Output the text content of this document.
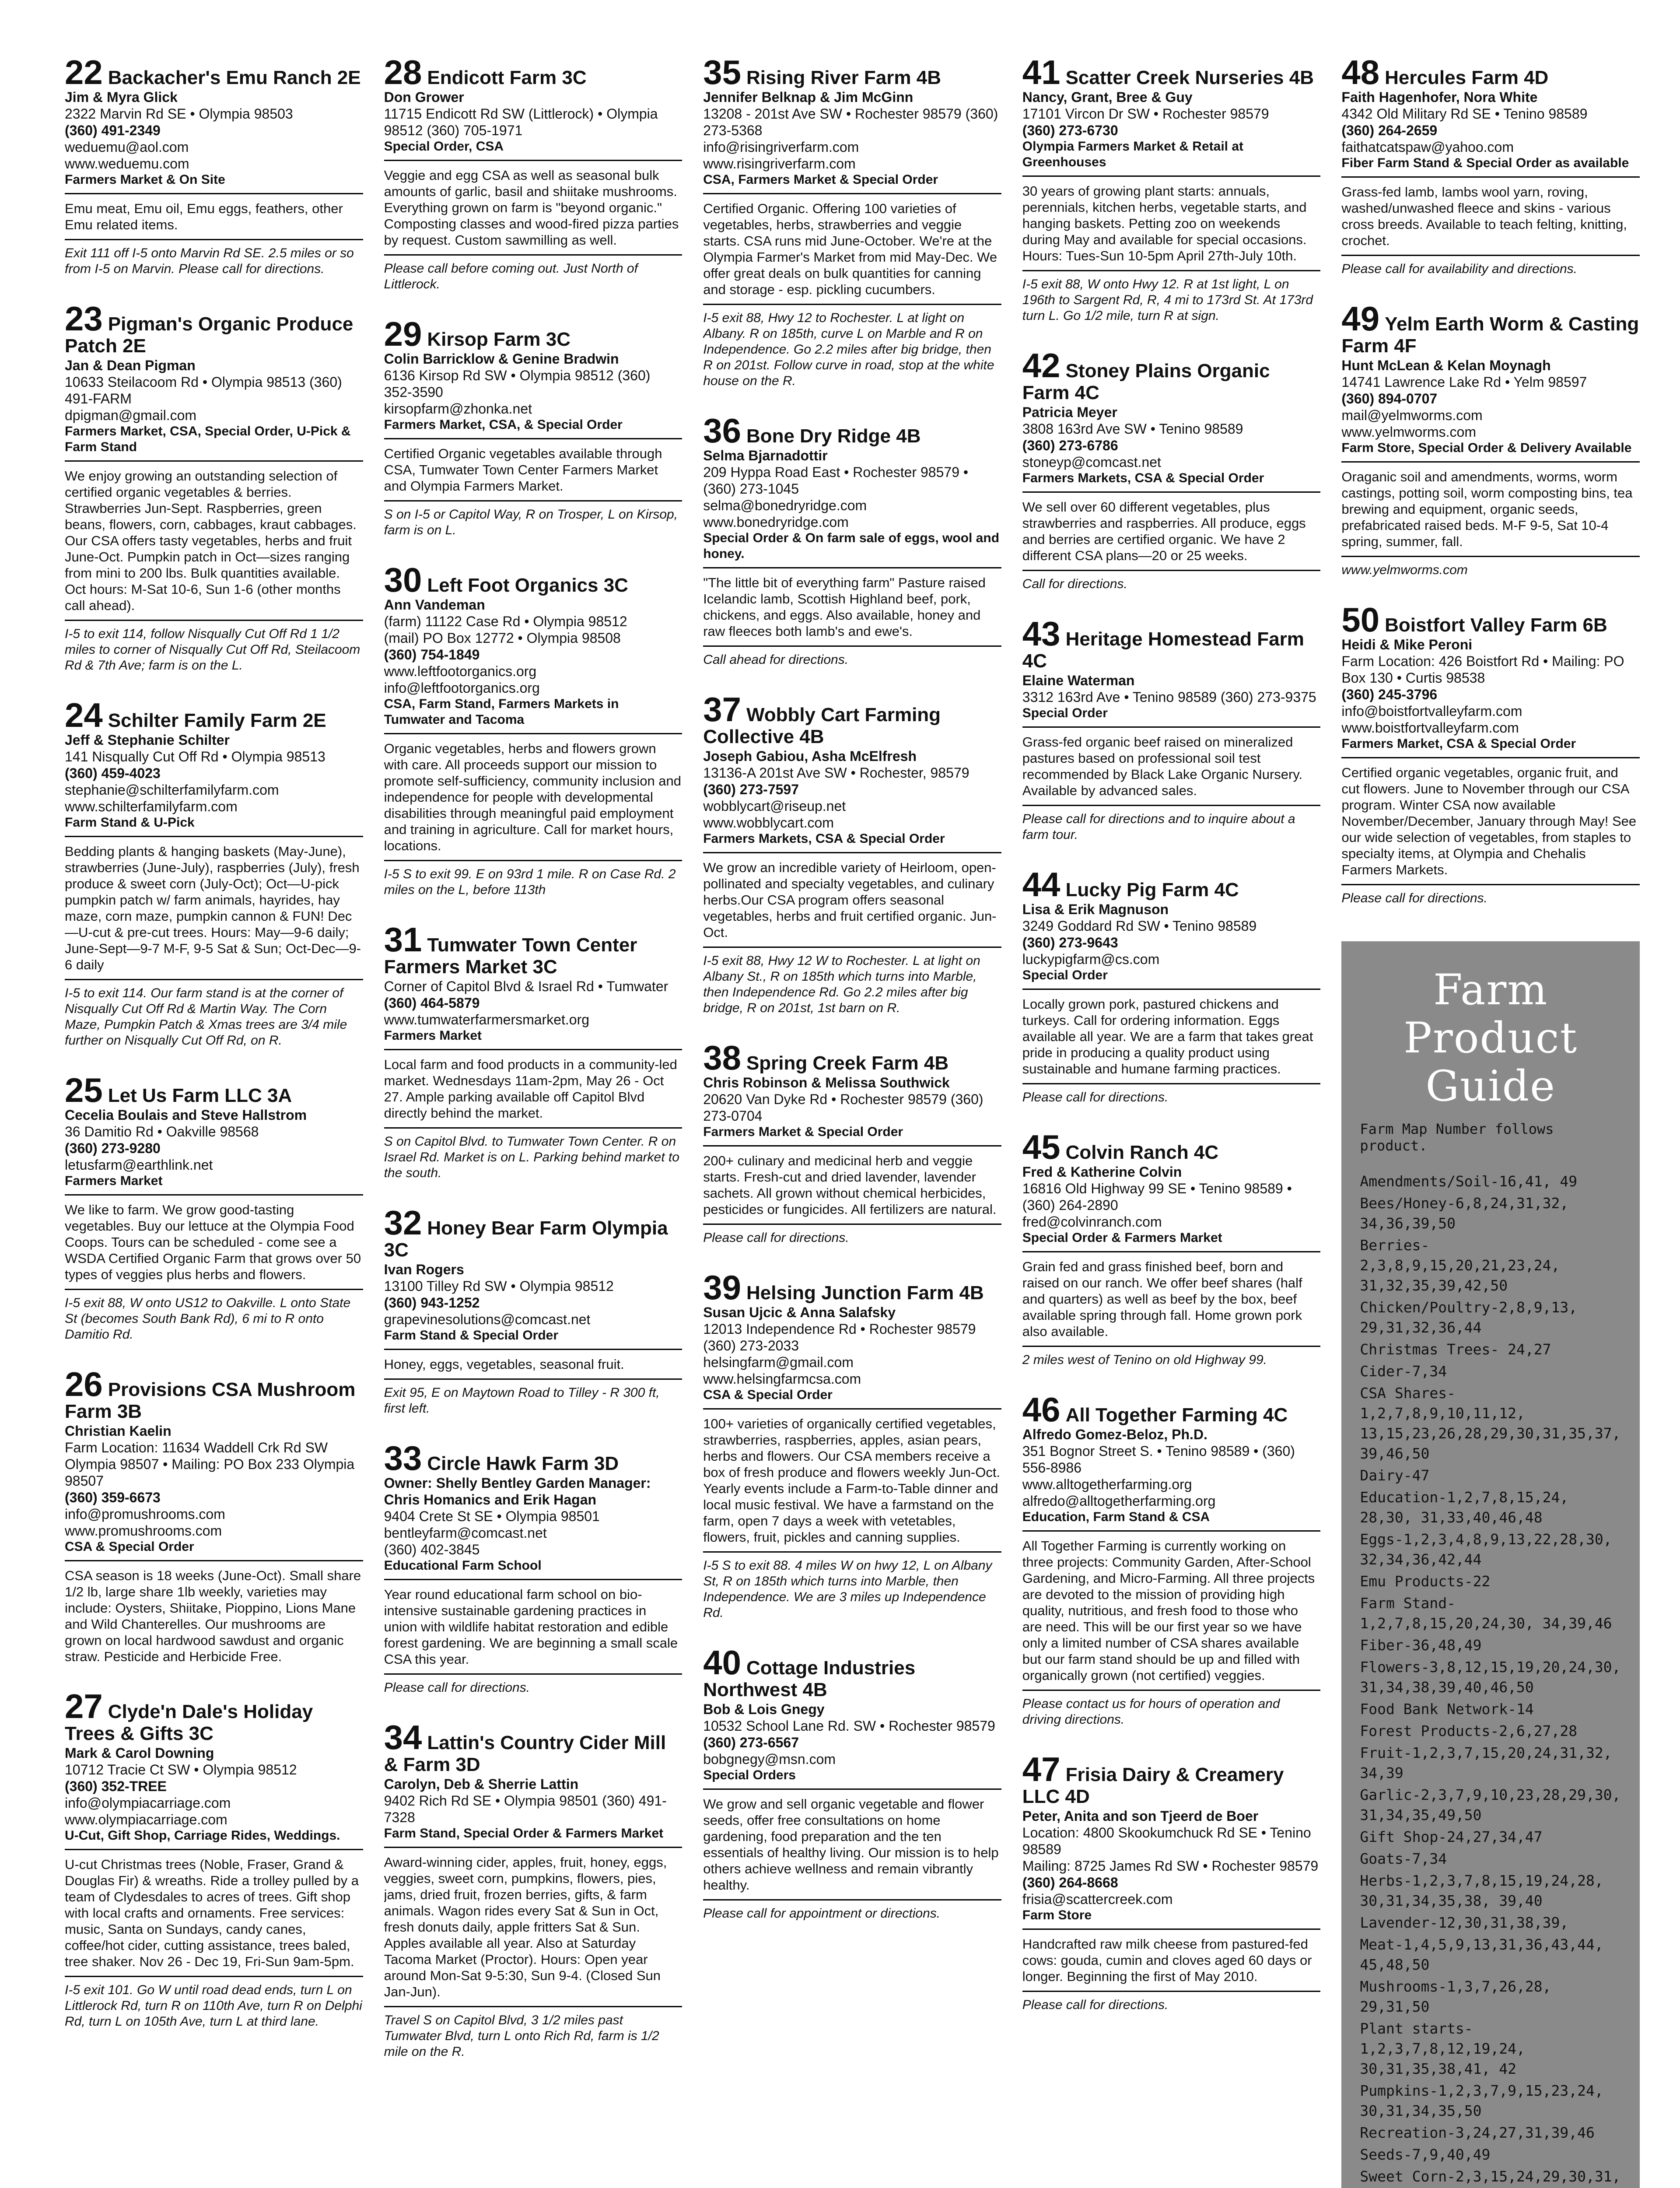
22 Backacher's Emu Ranch 2E
Jim & Myra Glick
2322 Marvin Rd SE • Olympia 98503
(360) 491-2349
weduemu@aol.com
www.weduemu.com
Farmers Market & On Site
Emu meat, Emu oil, Emu eggs, feathers, other Emu related items.
Exit 111 off I-5 onto Marvin Rd SE. 2.5 miles or so from I-5 on Marvin. Please call for directions.
23 Pigman's Organic Produce Patch 2E
Jan & Dean Pigman
10633 Steilacoom Rd • Olympia 98513 (360) 491-FARM
dpigman@gmail.com
Farmers Market, CSA, Special Order, U-Pick & Farm Stand
We enjoy growing an outstanding selection of certified organic vegetables & berries. Strawberries Jun-Sept. Raspberries, green beans, flowers, corn, cabbages, kraut cabbages. Our CSA offers tasty vegetables, herbs and fruit June-Oct. Pumpkin patch in Oct—sizes ranging from mini to 200 lbs. Bulk quantities available. Oct hours: M-Sat 10-6, Sun 1-6 (other months call ahead).
I-5 to exit 114, follow Nisqually Cut Off Rd 1 1/2 miles to corner of Nisqually Cut Off Rd, Steilacoom Rd & 7th Ave; farm is on the L.
24 Schilter Family Farm 2E
Jeff & Stephanie Schilter
141 Nisqually Cut Off Rd • Olympia 98513
(360) 459-4023
stephanie@schilterfamilyfarm.com
www.schilterfamilyfarm.com
Farm Stand & U-Pick
Bedding plants & hanging baskets (May-June), strawberries (June-July), raspberries (July), fresh produce & sweet corn (July-Oct); Oct—U-pick pumpkin patch w/ farm animals, hayrides, hay maze, corn maze, pumpkin cannon & FUN! Dec—U-cut & pre-cut trees. Hours: May—9-6 daily; June-Sept—9-7 M-F, 9-5 Sat & Sun; Oct-Dec—9-6 daily
I-5 to exit 114. Our farm stand is at the corner of Nisqually Cut Off Rd & Martin Way. The Corn Maze, Pumpkin Patch & Xmas trees are 3/4 mile further on Nisqually Cut Off Rd, on R.
25 Let Us Farm LLC 3A
Cecelia Boulais and Steve Hallstrom
36 Damitio Rd • Oakville 98568
(360) 273-9280
letusfarm@earthlink.net
Farmers Market
We like to farm. We grow good-tasting vegetables. Buy our lettuce at the Olympia Food Coops. Tours can be scheduled - come see a WSDA Certified Organic Farm that grows over 50 types of veggies plus herbs and flowers.
I-5 exit 88, W onto US12 to Oakville. L onto State St (becomes South Bank Rd), 6 mi to R onto Damitio Rd.
26 Provisions CSA Mushroom Farm 3B
Christian Kaelin
Farm Location: 11634 Waddell Crk Rd SW Olympia 98507 • Mailing: PO Box 233 Olympia 98507
(360) 359-6673
info@promushrooms.com
www.promushrooms.com
CSA & Special Order
CSA season is 18 weeks (June-Oct). Small share 1/2 lb, large share 1lb weekly, varieties may include: Oysters, Shiitake, Pioppino, Lions Mane and Wild Chanterelles. Our mushrooms are grown on local hardwood sawdust and organic straw. Pesticide and Herbicide Free.
27 Clyde'n Dale's Holiday Trees & Gifts 3C
Mark & Carol Downing
10712 Tracie Ct SW • Olympia 98512
(360) 352-TREE
info@olympiacarriage.com
www.olympiacarriage.com
U-Cut, Gift Shop, Carriage Rides, Weddings.
U-cut Christmas trees (Noble, Fraser, Grand & Douglas Fir) & wreaths. Ride a trolley pulled by a team of Clydesdales to acres of trees. Gift shop with local crafts and ornaments. Free services: music, Santa on Sundays, candy canes, coffee/hot cider, cutting assistance, trees baled, tree shaker. Nov 26 - Dec 19, Fri-Sun 9am-5pm.
I-5 exit 101. Go W until road dead ends, turn L on Littlerock Rd, turn R on 110th Ave, turn R on Delphi Rd, turn L on 105th Ave, turn L at third lane.
28 Endicott Farm 3C
Don Grower
11715 Endicott Rd SW (Littlerock) • Olympia 98512 (360) 705-1971
Special Order, CSA
Veggie and egg CSA as well as seasonal bulk amounts of garlic, basil and shiitake mushrooms. Everything grown on farm is "beyond organic." Composting classes and wood-fired pizza parties by request. Custom sawmilling as well.
Please call before coming out. Just North of Littlerock.
29 Kirsop Farm 3C
Colin Barricklow & Genine Bradwin
6136 Kirsop Rd SW • Olympia 98512 (360) 352-3590
kirsopfarm@zhonka.net
Farmers Market, CSA, & Special Order
Certified Organic vegetables available through CSA, Tumwater Town Center Farmers Market and Olympia Farmers Market.
S on I-5 or Capitol Way, R on Trosper, L on Kirsop, farm is on L.
30 Left Foot Organics 3C
Ann Vandeman
(farm) 11122 Case Rd • Olympia 98512
(mail) PO Box 12772 • Olympia 98508
(360) 754-1849
www.leftfootorganics.org
info@leftfootorganics.org
CSA, Farm Stand, Farmers Markets in Tumwater and Tacoma
Organic vegetables, herbs and flowers grown with care. All proceeds support our mission to promote self-sufficiency, community inclusion and independence for people with developmental disabilities through meaningful paid employment and training in agriculture. Call for market hours, locations.
I-5 S to exit 99. E on 93rd 1 mile. R on Case Rd. 2 miles on the L, before 113th
31 Tumwater Town Center Farmers Market 3C
Corner of Capitol Blvd & Israel Rd • Tumwater
(360) 464-5879
www.tumwaterfarmersmarket.org
Farmers Market
Local farm and food products in a community-led market. Wednesdays 11am-2pm, May 26 - Oct 27. Ample parking available off Capitol Blvd directly behind the market.
S on Capitol Blvd. to Tumwater Town Center. R on Israel Rd. Market is on L. Parking behind market to the south.
32 Honey Bear Farm Olympia 3C
Ivan Rogers
13100 Tilley Rd SW • Olympia 98512
(360) 943-1252
grapevinesolutions@comcast.net
Farm Stand & Special Order
Honey, eggs, vegetables, seasonal fruit.
Exit 95, E on Maytown Road to Tilley - R 300 ft, first left.
33 Circle Hawk Farm 3D
Owner: Shelly Bentley Garden Manager: Chris Homanics and Erik Hagan
9404 Crete St SE • Olympia 98501
bentleyfarm@comcast.net
(360) 402-3845
Educational Farm School
Year round educational farm school on bio-intensive sustainable gardening practices in union with wildlife habitat restoration and edible forest gardening. We are beginning a small scale CSA this year.
Please call for directions.
34 Lattin's Country Cider Mill & Farm 3D
Carolyn, Deb & Sherrie Lattin
9402 Rich Rd SE • Olympia 98501 (360) 491-7328
Farm Stand, Special Order & Farmers Market
Award-winning cider, apples, fruit, honey, eggs, veggies, sweet corn, pumpkins, flowers, pies, jams, dried fruit, frozen berries, gifts, & farm animals. Wagon rides every Sat & Sun in Oct, fresh donuts daily, apple fritters Sat & Sun. Apples available all year. Also at Saturday Tacoma Market (Proctor). Hours: Open year around Mon-Sat 9-5:30, Sun 9-4. (Closed Sun Jan-Jun).
Travel S on Capitol Blvd, 3 1/2 miles past Tumwater Blvd, turn L onto Rich Rd, farm is 1/2 mile on the R.
35 Rising River Farm 4B
Jennifer Belknap & Jim McGinn
13208 - 201st Ave SW • Rochester 98579 (360) 273-5368
info@risingriverfarm.com
www.risingriverfarm.com
CSA, Farmers Market & Special Order
Certified Organic. Offering 100 varieties of vegetables, herbs, strawberries and veggie starts. CSA runs mid June-October. We're at the Olympia Farmer's Market from mid May-Dec. We offer great deals on bulk quantities for canning and storage - esp. pickling cucumbers.
I-5 exit 88, Hwy 12 to Rochester. L at light on Albany. R on 185th, curve L on Marble and R on Independence. Go 2.2 miles after big bridge, then R on 201st. Follow curve in road, stop at the white house on the R.
36 Bone Dry Ridge 4B
Selma Bjarnadottir
209 Hyppa Road East • Rochester 98579 • (360) 273-1045
selma@bonedryridge.com
www.bonedryridge.com
Special Order & On farm sale of eggs, wool and honey.
"The little bit of everything farm" Pasture raised Icelandic lamb, Scottish Highland beef, pork, chickens, and eggs. Also available, honey and raw fleeces both lamb's and ewe's.
Call ahead for directions.
37 Wobbly Cart Farming Collective 4B
Joseph Gabiou, Asha McElfresh
13136-A 201st Ave SW • Rochester, 98579
(360) 273-7597
wobblycart@riseup.net
www.wobblycart.com
Farmers Markets, CSA & Special Order
We grow an incredible variety of Heirloom, open-pollinated and specialty vegetables, and culinary herbs.Our CSA program offers seasonal vegetables, herbs and fruit certified organic. Jun-Oct.
I-5 exit 88, Hwy 12 W to Rochester. L at light on Albany St., R on 185th which turns into Marble, then Independence Rd. Go 2.2 miles after big bridge, R on 201st, 1st barn on R.
38 Spring Creek Farm 4B
Chris Robinson & Melissa Southwick
20620 Van Dyke Rd • Rochester 98579 (360) 273-0704
Farmers Market & Special Order
200+ culinary and medicinal herb and veggie starts. Fresh-cut and dried lavender, lavender sachets. All grown without chemical herbicides, pesticides or fungicides. All fertilizers are natural.
Please call for directions.
39 Helsing Junction Farm 4B
Susan Ujcic & Anna Salafsky
12013 Independence Rd • Rochester 98579 (360) 273-2033
helsingfarm@gmail.com
www.helsingfarmcsa.com
CSA & Special Order
100+ varieties of organically certified vegetables, strawberries, raspberries, apples, asian pears, herbs and flowers. Our CSA members receive a box of fresh produce and flowers weekly Jun-Oct. Yearly events include a Farm-to-Table dinner and local music festival. We have a farmstand on the farm, open 7 days a week with vetetables, flowers, fruit, pickles and canning supplies.
I-5 S to exit 88. 4 miles W on hwy 12, L on Albany St, R on 185th which turns into Marble, then Independence. We are 3 miles up Independence Rd.
40 Cottage Industries Northwest 4B
Bob & Lois Gnegy
10532 School Lane Rd. SW • Rochester 98579
(360) 273-6567
bobgnegy@msn.com
Special Orders
We grow and sell organic vegetable and flower seeds, offer free consultations on home gardening, food preparation and the ten essentials of healthy living. Our mission is to help others achieve wellness and remain vibrantly healthy.
Please call for appointment or directions.
41 Scatter Creek Nurseries 4B
Nancy, Grant, Bree & Guy
17101 Vircon Dr SW • Rochester 98579
(360) 273-6730
Olympia Farmers Market & Retail at Greenhouses
30 years of growing plant starts: annuals, perennials, kitchen herbs, vegetable starts, and hanging baskets. Petting zoo on weekends during May and available for special occasions. Hours: Tues-Sun 10-5pm April 27th-July 10th.
I-5 exit 88, W onto Hwy 12. R at 1st light, L on 196th to Sargent Rd, R, 4 mi to 173rd St. At 173rd turn L. Go 1/2 mile, turn R at sign.
42 Stoney Plains Organic Farm 4C
Patricia Meyer
3808 163rd Ave SW • Tenino 98589
(360) 273-6786
stoneyp@comcast.net
Farmers Markets, CSA & Special Order
We sell over 60 different vegetables, plus strawberries and raspberries. All produce, eggs and berries are certified organic. We have 2 different CSA plans—20 or 25 weeks.
Call for directions.
43 Heritage Homestead Farm 4C
Elaine Waterman
3312 163rd Ave • Tenino 98589 (360) 273-9375
Special Order
Grass-fed organic beef raised on mineralized pastures based on professional soil test recommended by Black Lake Organic Nursery. Available by advanced sales.
Please call for directions and to inquire about a farm tour.
44 Lucky Pig Farm 4C
Lisa & Erik Magnuson
3249 Goddard Rd SW • Tenino 98589
(360) 273-9643
luckypigfarm@cs.com
Special Order
Locally grown pork, pastured chickens and turkeys. Call for ordering information. Eggs available all year. We are a farm that takes great pride in producing a quality product using sustainable and humane farming practices.
Please call for directions.
45 Colvin Ranch 4C
Fred & Katherine Colvin
16816 Old Highway 99 SE • Tenino 98589 • (360) 264-2890
fred@colvinranch.com
Special Order & Farmers Market
Grain fed and grass finished beef, born and raised on our ranch. We offer beef shares (half and quarters) as well as beef by the box, beef available spring through fall. Home grown pork also available.
2 miles west of Tenino on old Highway 99.
46 All Together Farming 4C
Alfredo Gomez-Beloz, Ph.D.
351 Bognor Street S. • Tenino 98589 • (360) 556-8986
www.alltogetherfarming.org
alfredo@alltogetherfarming.org
Education, Farm Stand & CSA
All Together Farming is currently working on three projects: Community Garden, After-School Gardening, and Micro-Farming. All three projects are devoted to the mission of providing high quality, nutritious, and fresh food to those who are need. This will be our first year so we have only a limited number of CSA shares available but our farm stand should be up and filled with organically grown (not certified) veggies.
Please contact us for hours of operation and driving directions.
47 Frisia Dairy & Creamery LLC 4D
Peter, Anita and son Tjeerd de Boer
Location: 4800 Skookumchuck Rd SE • Tenino 98589
Mailing: 8725 James Rd SW • Rochester 98579
(360) 264-8668
frisia@scattercreek.com
Farm Store
Handcrafted raw milk cheese from pastured-fed cows: gouda, cumin and cloves aged 60 days or longer. Beginning the first of May 2010.
Please call for directions.
48 Hercules Farm 4D
Faith Hagenhofer, Nora White
4342 Old Military Rd SE • Tenino 98589
(360) 264-2659
faithatcatspaw@yahoo.com
Fiber Farm Stand & Special Order as available
Grass-fed lamb, lambs wool yarn, roving, washed/unwashed fleece and skins - various cross breeds. Available to teach felting, knitting, crochet.
Please call for availability and directions.
49 Yelm Earth Worm & Casting Farm 4F
Hunt McLean & Kelan Moynagh
14741 Lawrence Lake Rd • Yelm 98597
(360) 894-0707
mail@yelmworms.com
www.yelmworms.com
Farm Store, Special Order & Delivery Available
Oraganic soil and amendments, worms, worm castings, potting soil, worm composting bins, tea brewing and equipment, organic seeds, prefabricated raised beds. M-F 9-5, Sat 10-4 spring, summer, fall.
www.yelmworms.com
50 Boistfort Valley Farm 6B
Heidi & Mike Peroni
Farm Location: 426 Boistfort Rd • Mailing: PO Box 130 • Curtis 98538
(360) 245-3796
info@boistfortvalleyfarm.com
www.boistfortvalleyfarm.com
Farmers Market, CSA & Special Order
Certified organic vegetables, organic fruit, and cut flowers. June to November through our CSA program. Winter CSA now available November/December, January through May! See our wide selection of vegetables, from staples to specialty items, at Olympia and Chehalis Farmers Markets.
Please call for directions.
Farm Product Guide
Farm Map Number follows product.
Amendments/Soil-16,41, 49
Bees/Honey-6,8,24,31,32, 34,36,39,50
Berries-2,3,8,9,15,20,21,23,24, 31,32,35,39,42,50
Chicken/Poultry-2,8,9,13, 29,31,32,36,44
Christmas Trees- 24,27
Cider-7,34
CSA Shares- 1,2,7,8,9,10,11,12, 13,15,23,26,28,29,30,31,35,37, 39,46,50
Dairy-47
Education-1,2,7,8,15,24, 28,30, 31,33,40,46,48
Eggs-1,2,3,4,8,9,13,22,28,30, 32,34,36,42,44
Emu Products-22
Farm Stand-1,2,7,8,15,20,24,30, 34,39,46
Fiber-36,48,49
Flowers-3,8,12,15,19,20,24,30, 31,34,38,39,40,46,50
Food Bank Network-14
Forest Products-2,6,27,28
Fruit-1,2,3,7,15,20,24,31,32, 34,39
Garlic-2,3,7,9,10,23,28,29,30, 31,34,35,49,50
Gift Shop-24,27,34,47
Goats-7,34
Herbs-1,2,3,7,8,15,19,24,28, 30,31,34,35,38, 39,40
Lavender-12,30,31,38,39,
Meat-1,4,5,9,13,31,36,43,44, 45,48,50
Mushrooms-1,3,7,26,28, 29,31,50
Plant starts-1,2,3,7,8,12,19,24, 30,31,35,38,41, 42
Pumpkins-1,2,3,7,9,15,23,24, 30,31,34,35,50
Recreation-3,24,27,31,39,46
Seeds-7,9,40,49
Sweet Corn-2,3,15,24,29,30,31,
